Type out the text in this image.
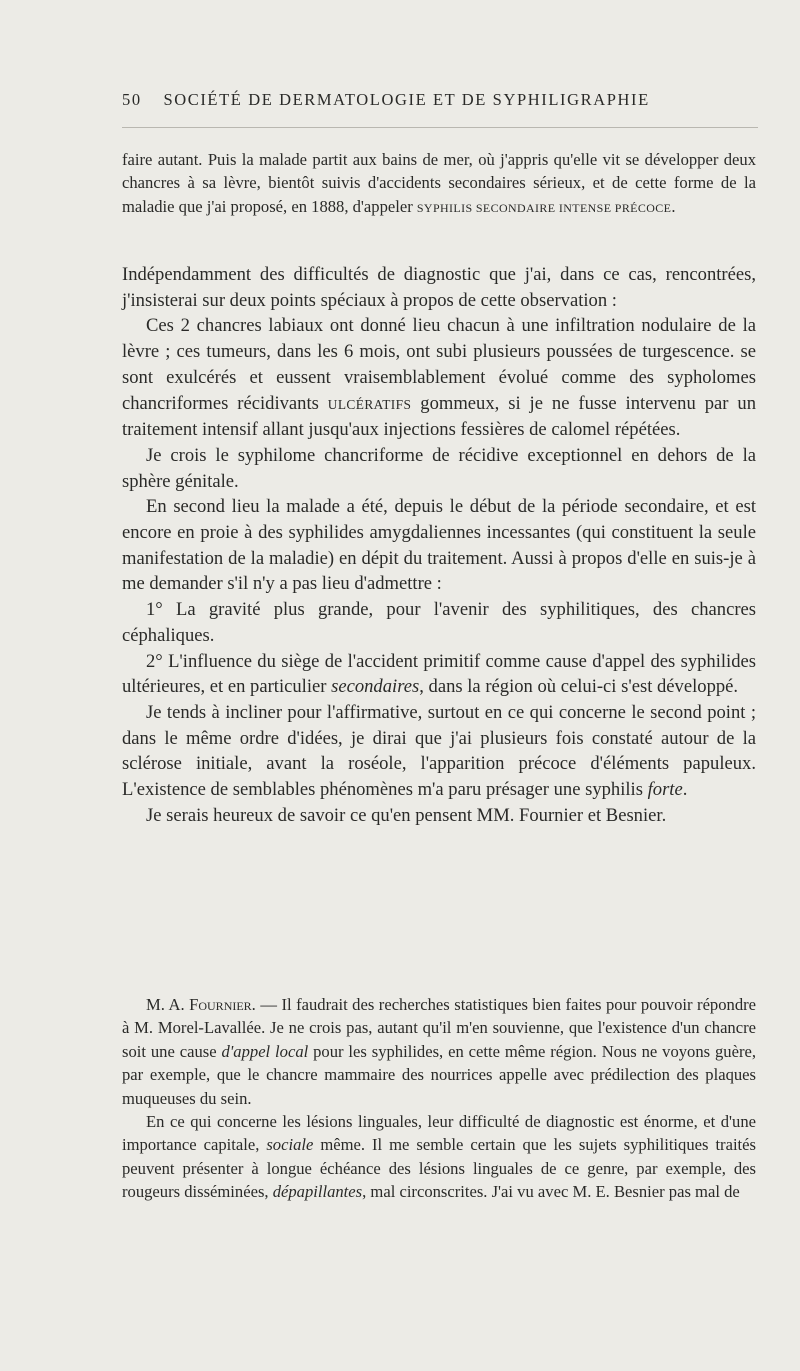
50 SOCIÉTÉ DE DERMATOLOGIE ET DE SYPHILIGRAPHIE

faire autant. Puis la malade partit aux bains de mer, où j'appris qu'elle vit se développer deux chancres à sa lèvre, bientôt suivis d'accidents secondaires sérieux, et de cette forme de la maladie que j'ai proposé, en 1888, d'appeler SYPHILIS SECONDAIRE INTENSE PRÉCOCE.

Indépendamment des difficultés de diagnostic que j'ai, dans ce cas, rencontrées, j'insisterai sur deux points spéciaux à propos de cette observation :

Ces 2 chancres labiaux ont donné lieu chacun à une infiltration nodulaire de la lèvre ; ces tumeurs, dans les 6 mois, ont subi plusieurs poussées de turgescence. se sont exulcérés et eussent vraisemblablement évolué comme des sypholomes chancriformes récidivants ULCÉRATIFS gommeux, si je ne fusse intervenu par un traitement intensif allant jusqu'aux injections fessières de calomel répétées.

Je crois le syphilome chancriforme de récidive exceptionnel en dehors de la sphère génitale.

En second lieu la malade a été, depuis le début de la période secondaire, et est encore en proie à des syphilides amygdaliennes incessantes (qui constituent la seule manifestation de la maladie) en dépit du traitement. Aussi à propos d'elle en suis-je à me demander s'il n'y a pas lieu d'admettre :

1° La gravité plus grande, pour l'avenir des syphilitiques, des chancres céphaliques.

2° L'influence du siège de l'accident primitif comme cause d'appel des syphilides ultérieures, et en particulier secondaires, dans la région où celui-ci s'est développé.

Je tends à incliner pour l'affirmative, surtout en ce qui concerne le second point ; dans le même ordre d'idées, je dirai que j'ai plusieurs fois constaté autour de la sclérose initiale, avant la roséole, l'apparition précoce d'éléments papuleux. L'existence de semblables phénomènes m'a paru présager une syphilis forte.

Je serais heureux de savoir ce qu'en pensent MM. Fournier et Besnier.

M. A. Fournier. — Il faudrait des recherches statistiques bien faites pour pouvoir répondre à M. Morel-Lavallée. Je ne crois pas, autant qu'il m'en souvienne, que l'existence d'un chancre soit une cause d'appel local pour les syphilides, en cette même région. Nous ne voyons guère, par exemple, que le chancre mammaire des nourrices appelle avec prédilection des plaques muqueuses du sein.

En ce qui concerne les lésions linguales, leur difficulté de diagnostic est énorme, et d'une importance capitale, sociale même. Il me semble certain que les sujets syphilitiques traités peuvent présenter à longue échéance des lésions linguales de ce genre, par exemple, des rougeurs disséminées, dépapillantes, mal circonscrites. J'ai vu avec M. E. Besnier pas mal de
